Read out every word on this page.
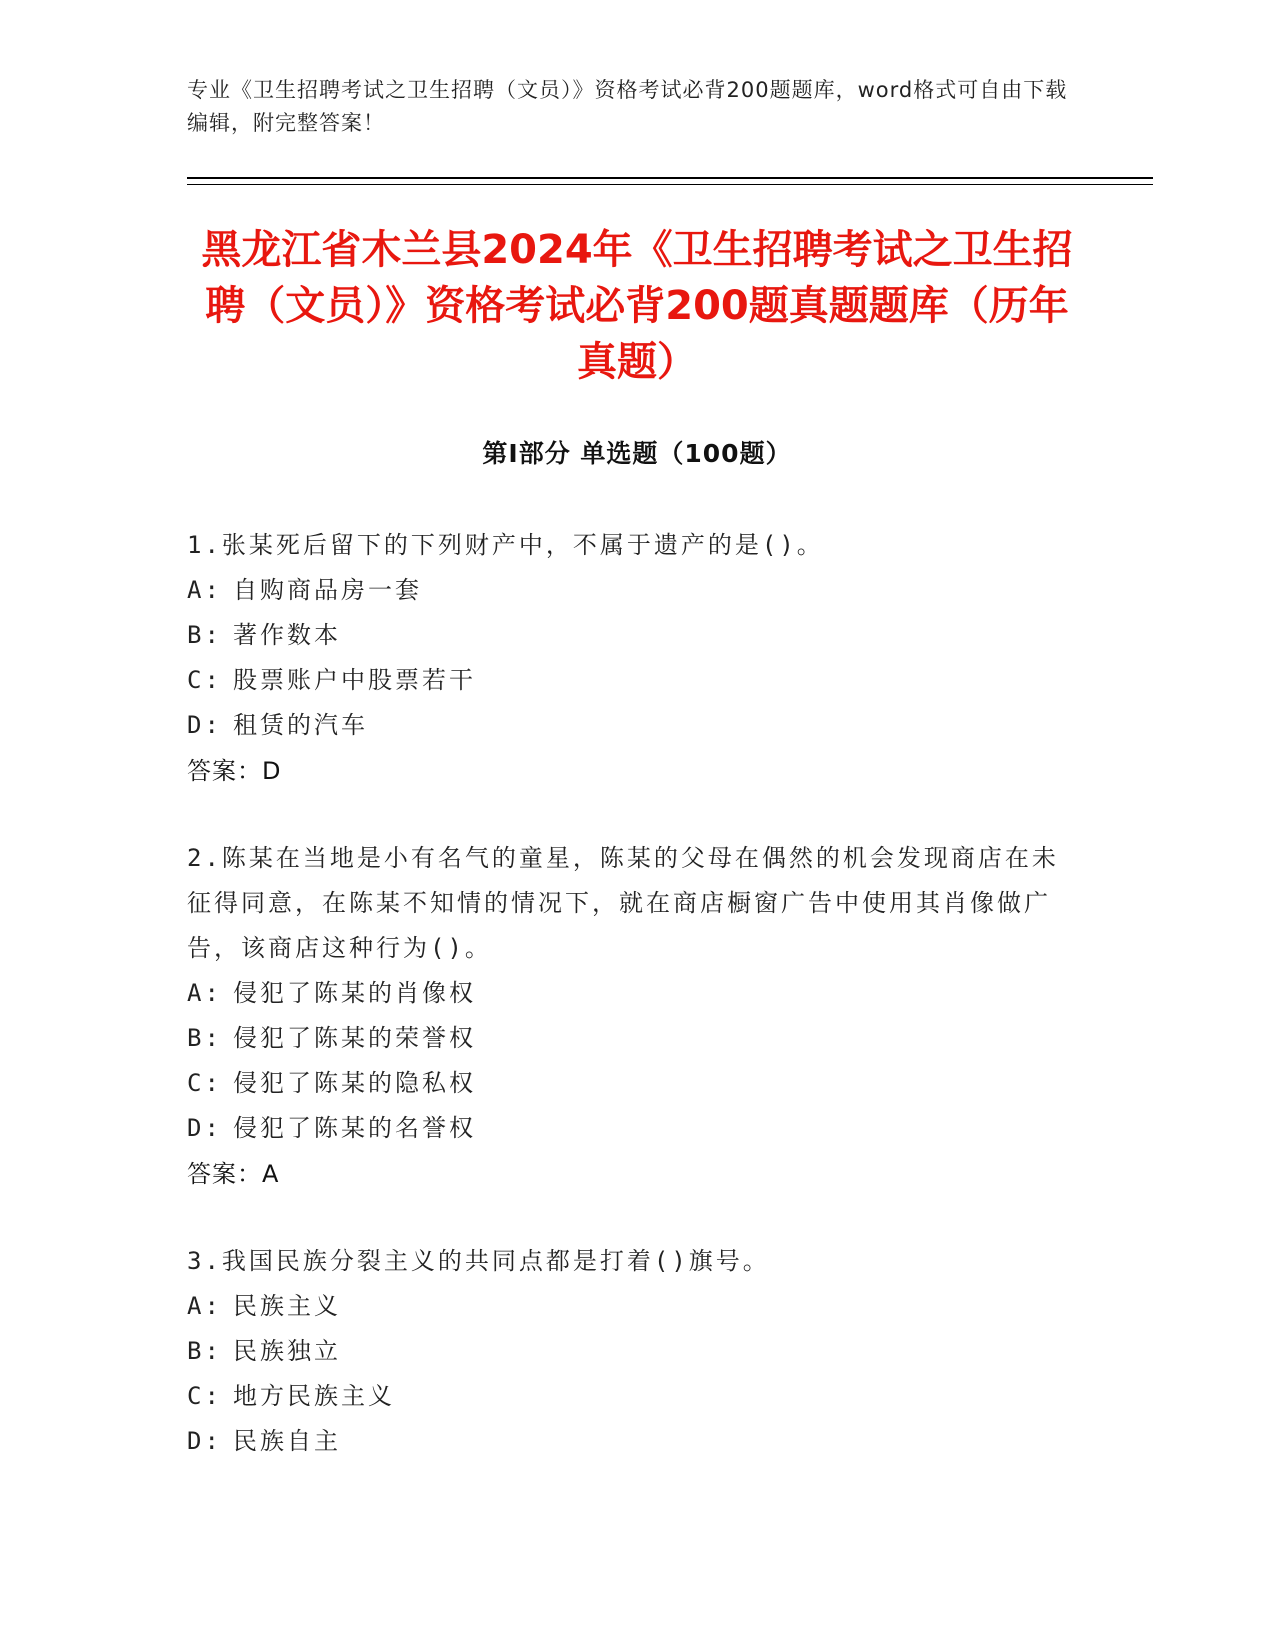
专业《卫生招聘考试之卫生招聘（文员）》资格考试必背200题题库，word格式可自由下载编辑，附完整答案！
黑龙江省木兰县2024年《卫生招聘考试之卫生招聘（文员）》资格考试必背200题真题题库（历年真题）
第I部分 单选题（100题）
1.张某死后留下的下列财产中，不属于遗产的是()。
A: 自购商品房一套
B: 著作数本
C: 股票账户中股票若干
D: 租赁的汽车
答案：D
2.陈某在当地是小有名气的童星，陈某的父母在偶然的机会发现商店在未征得同意，在陈某不知情的情况下，就在商店橱窗广告中使用其肖像做广告，该商店这种行为()。
A: 侵犯了陈某的肖像权
B: 侵犯了陈某的荣誉权
C: 侵犯了陈某的隐私权
D: 侵犯了陈某的名誉权
答案：A
3.我国民族分裂主义的共同点都是打着()旗号。
A: 民族主义
B: 民族独立
C: 地方民族主义
D: 民族自主
